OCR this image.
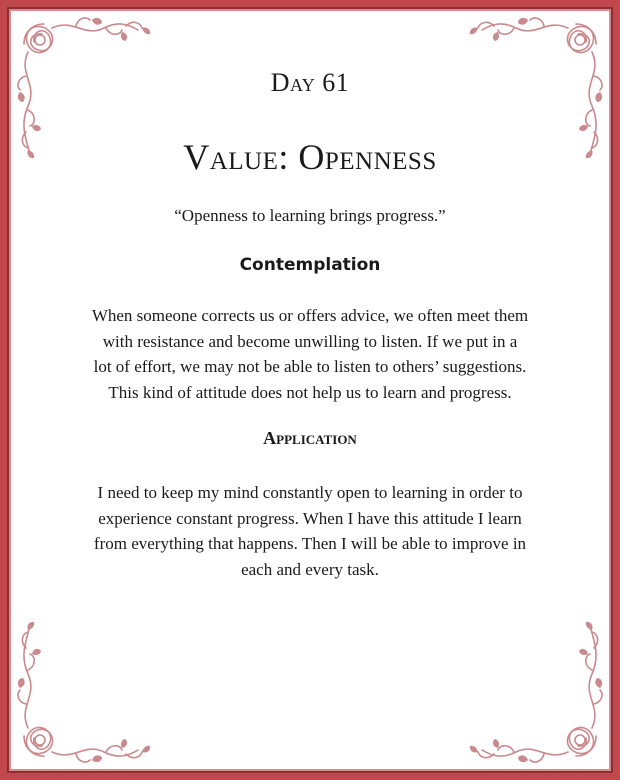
Day 61
Value: Openness
“Openness to learning brings progress.”
Contemplation
When someone corrects us or offers advice, we often meet them
with resistance and become unwilling to listen. If we put in a
lot of effort, we may not be able to listen to others’ suggestions.
This kind of attitude does not help us to learn and progress.
Application
I need to keep my mind constantly open to learning in order to
experience constant progress. When I have this attitude I learn
from everything that happens. Then I will be able to improve in
each and every task.
